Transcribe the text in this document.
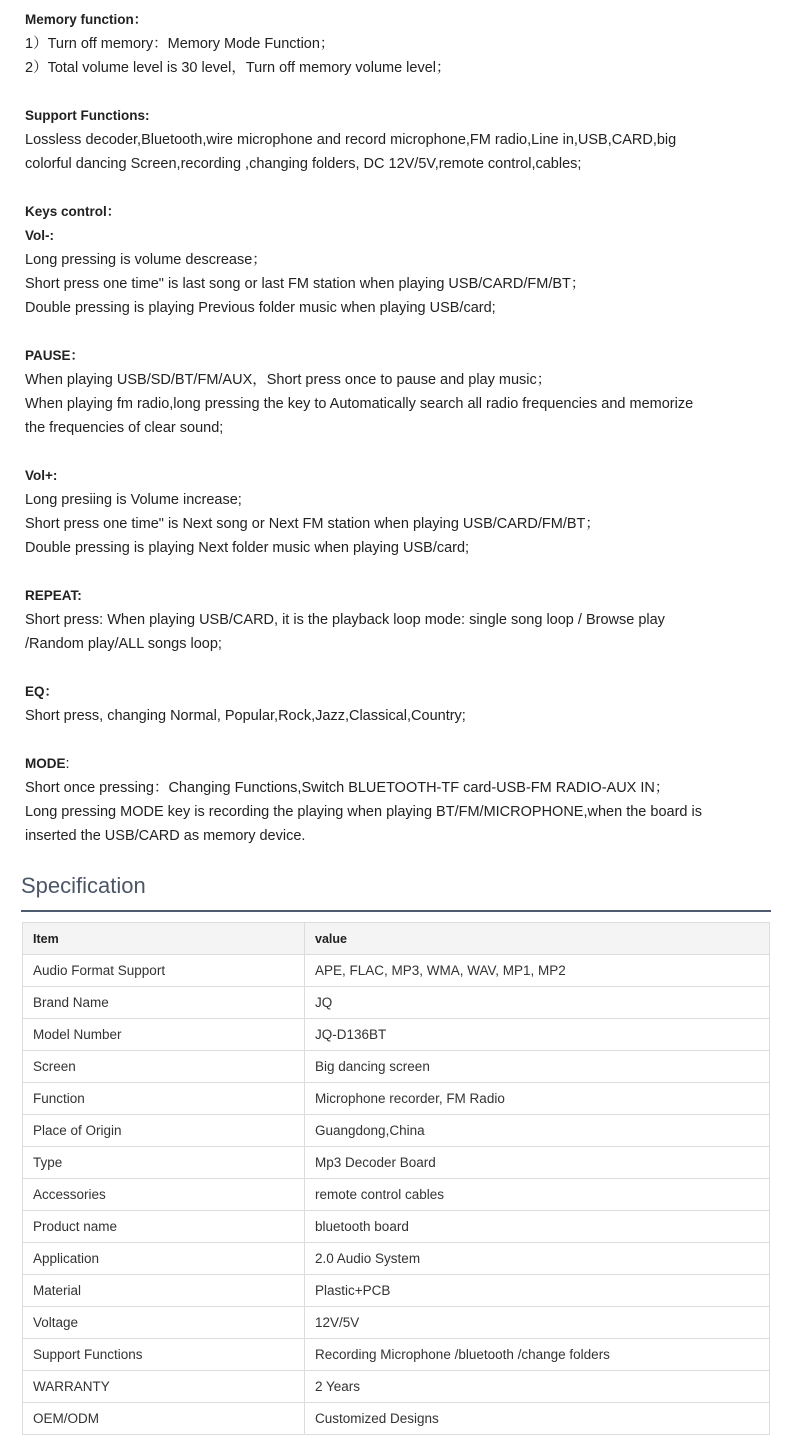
Memory function：
1）Turn off memory：Memory Mode Function；
2）Total volume level is 30 level，Turn off memory volume level；
Support Functions:
Lossless decoder,Bluetooth,wire microphone and record microphone,FM radio,Line in,USB,CARD,big
colorful dancing Screen,recording ,changing folders, DC 12V/5V,remote control,cables;
Keys control：
Vol-:
Long pressing is volume descrease；
Short press one time" is last song or last FM station when playing USB/CARD/FM/BT；
Double pressing is playing Previous folder music when playing USB/card;
PAUSE：
When playing USB/SD/BT/FM/AUX，Short press once to pause and play music；
When playing fm radio,long pressing the key to Automatically search all radio frequencies and memorize
the frequencies of clear sound;
Vol+:
Long presiing is Volume increase;
Short press one time" is Next song or Next FM station when playing USB/CARD/FM/BT；
Double pressing is playing Next folder music when playing USB/card;
REPEAT:
Short press: When playing USB/CARD, it is the playback loop mode: single song loop / Browse play
/Random play/ALL songs loop;
EQ：
Short press, changing Normal, Popular,Rock,Jazz,Classical,Country;
MODE:
Short once pressing：Changing Functions,Switch BLUETOOTH-TF card-USB-FM RADIO-AUX IN；
Long pressing MODE key is recording the playing when playing BT/FM/MICROPHONE,when the board is
inserted the USB/CARD as memory device.
Specification
Item	value
Audio Format Support	APE, FLAC, MP3, WMA, WAV, MP1, MP2
Brand Name	JQ
Model Number	JQ-D136BT
Screen	Big dancing screen
Function	Microphone recorder, FM Radio
Place of Origin	Guangdong,China
Type	Mp3 Decoder Board
Accessories	remote control cables
Product name	bluetooth board
Application	2.0 Audio System
Material	Plastic+PCB
Voltage	12V/5V
Support Functions	Recording Microphone /bluetooth /change folders
WARRANTY	2 Years
OEM/ODM	Customized Designs
